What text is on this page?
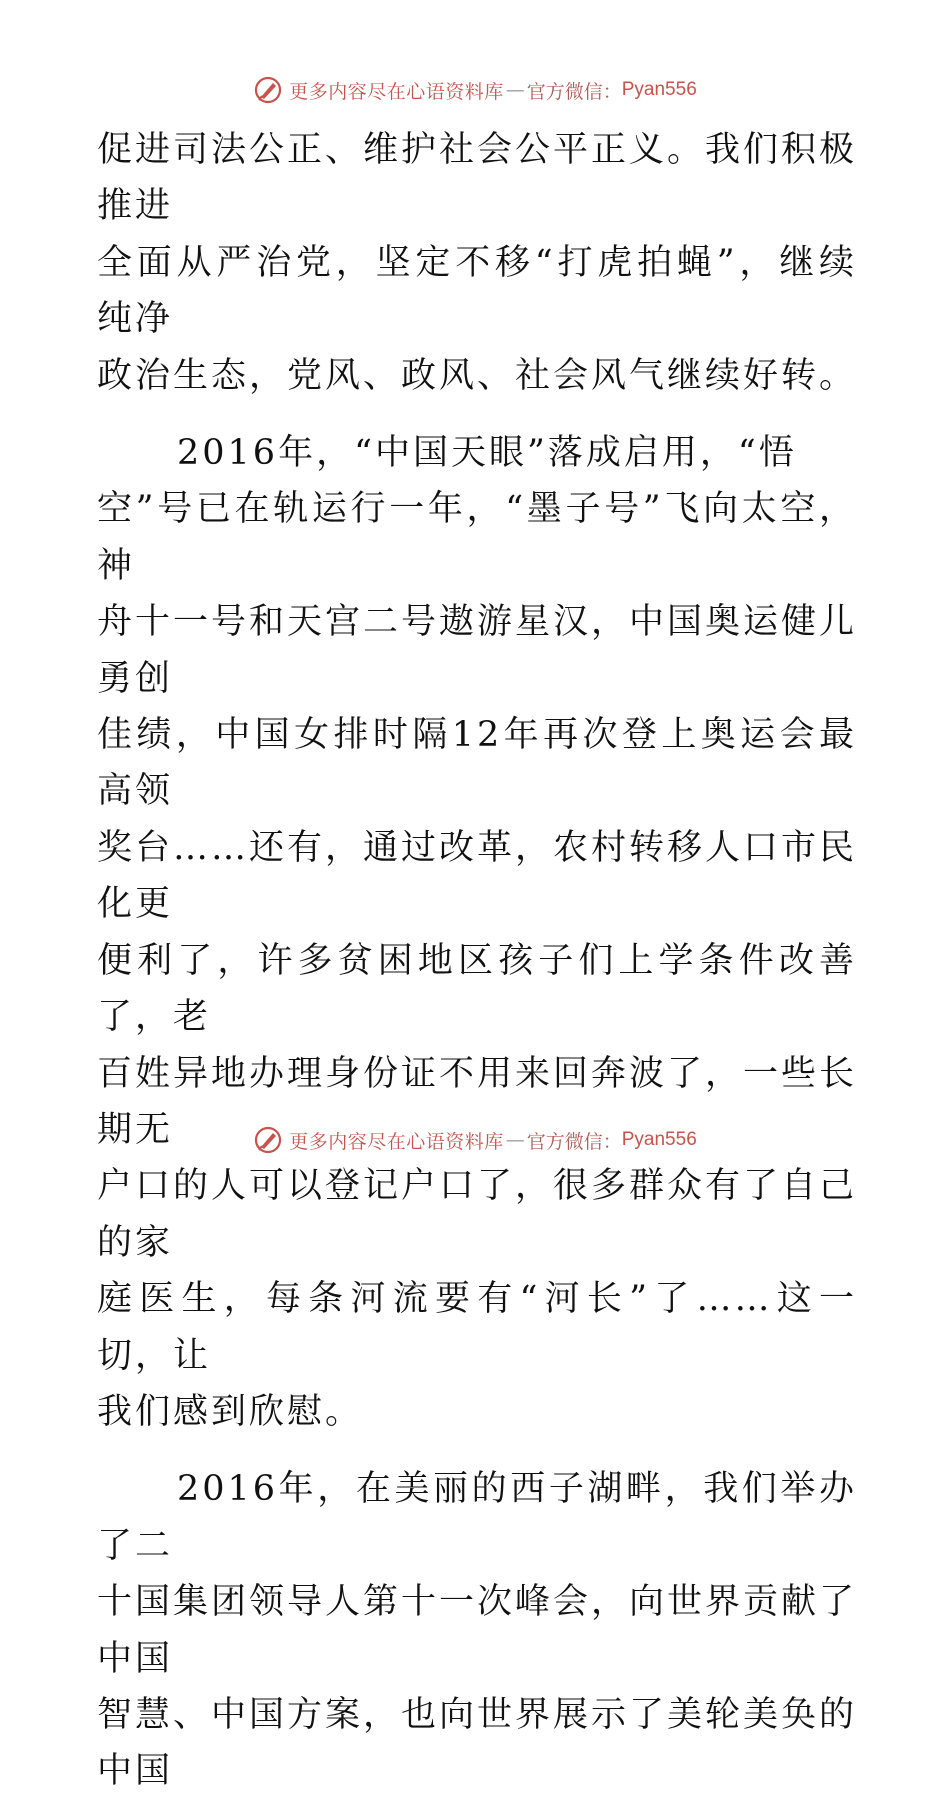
更多内容尽在心语资料库 — 官方微信： Pyan556

促进司法公正、维护社会公平正义。我们积极推进
全面从严治党，坚定不移“打虎拍蝇”，继续纯净
政治生态，党风、政风、社会风气继续好转。

2016年，“中国天眼”落成启用，“悟
空”号已在轨运行一年，“墨子号”飞向太空，神
舟十一号和天宫二号遨游星汉，中国奥运健儿勇创
佳绩，中国女排时隔12年再次登上奥运会最高领
奖台……还有，通过改革，农村转移人口市民化更
便利了，许多贫困地区孩子们上学条件改善了，老
百姓异地办理身份证不用来回奔波了，一些长期无
户口的人可以登记户口了，很多群众有了自己的家
庭医生，每条河流要有“河长”了……这一切，让
我们感到欣慰。

2016年，在美丽的西子湖畔，我们举办了二
十国集团领导人第十一次峰会，向世界贡献了中国
智慧、中国方案，也向世界展示了美轮美奂的中国

更多内容尽在心语资料库 — 官方微信： Pyan556
